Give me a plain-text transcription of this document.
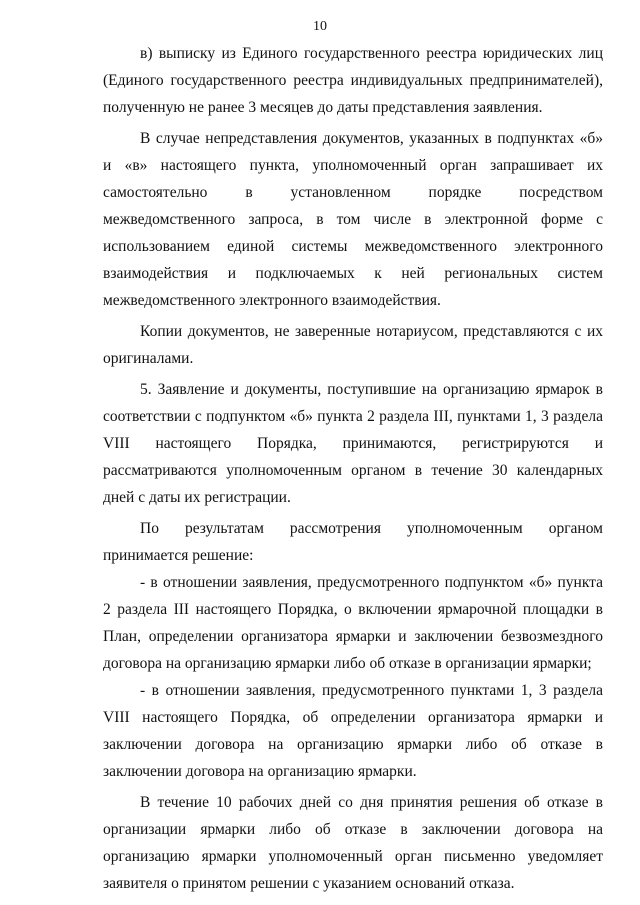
10

в) выписку из Единого государственного реестра юридических лиц (Единого государственного реестра индивидуальных предпринимателей), полученную не ранее 3 месяцев до даты представления заявления.

В случае непредставления документов, указанных в подпунктах «б» и «в» настоящего пункта, уполномоченный орган запрашивает их самостоятельно в установленном порядке посредством межведомственного запроса, в том числе в электронной форме с использованием единой системы межведомственного электронного взаимодействия и подключаемых к ней региональных систем межведомственного электронного взаимодействия.

Копии документов, не заверенные нотариусом, представляются с их оригиналами.

5. Заявление и документы, поступившие на организацию ярмарок в соответствии с подпунктом «б» пункта 2 раздела III, пунктами 1, 3 раздела VIII настоящего Порядка, принимаются, регистрируются и рассматриваются уполномоченным органом в течение 30 календарных дней с даты их регистрации.

По результатам рассмотрения уполномоченным органом принимается решение:

- в отношении заявления, предусмотренного подпунктом «б» пункта 2 раздела III настоящего Порядка, о включении ярмарочной площадки в План, определении организатора ярмарки и заключении безвозмездного договора на организацию ярмарки либо об отказе в организации ярмарки;

- в отношении заявления, предусмотренного пунктами 1, 3 раздела VIII настоящего Порядка, об определении организатора ярмарки и заключении договора на организацию ярмарки либо об отказе в заключении договора на организацию ярмарки.

В течение 10 рабочих дней со дня принятия решения об отказе в организации ярмарки либо об отказе в заключении договора на организацию ярмарки уполномоченный орган письменно уведомляет заявителя о принятом решении с указанием оснований отказа.
